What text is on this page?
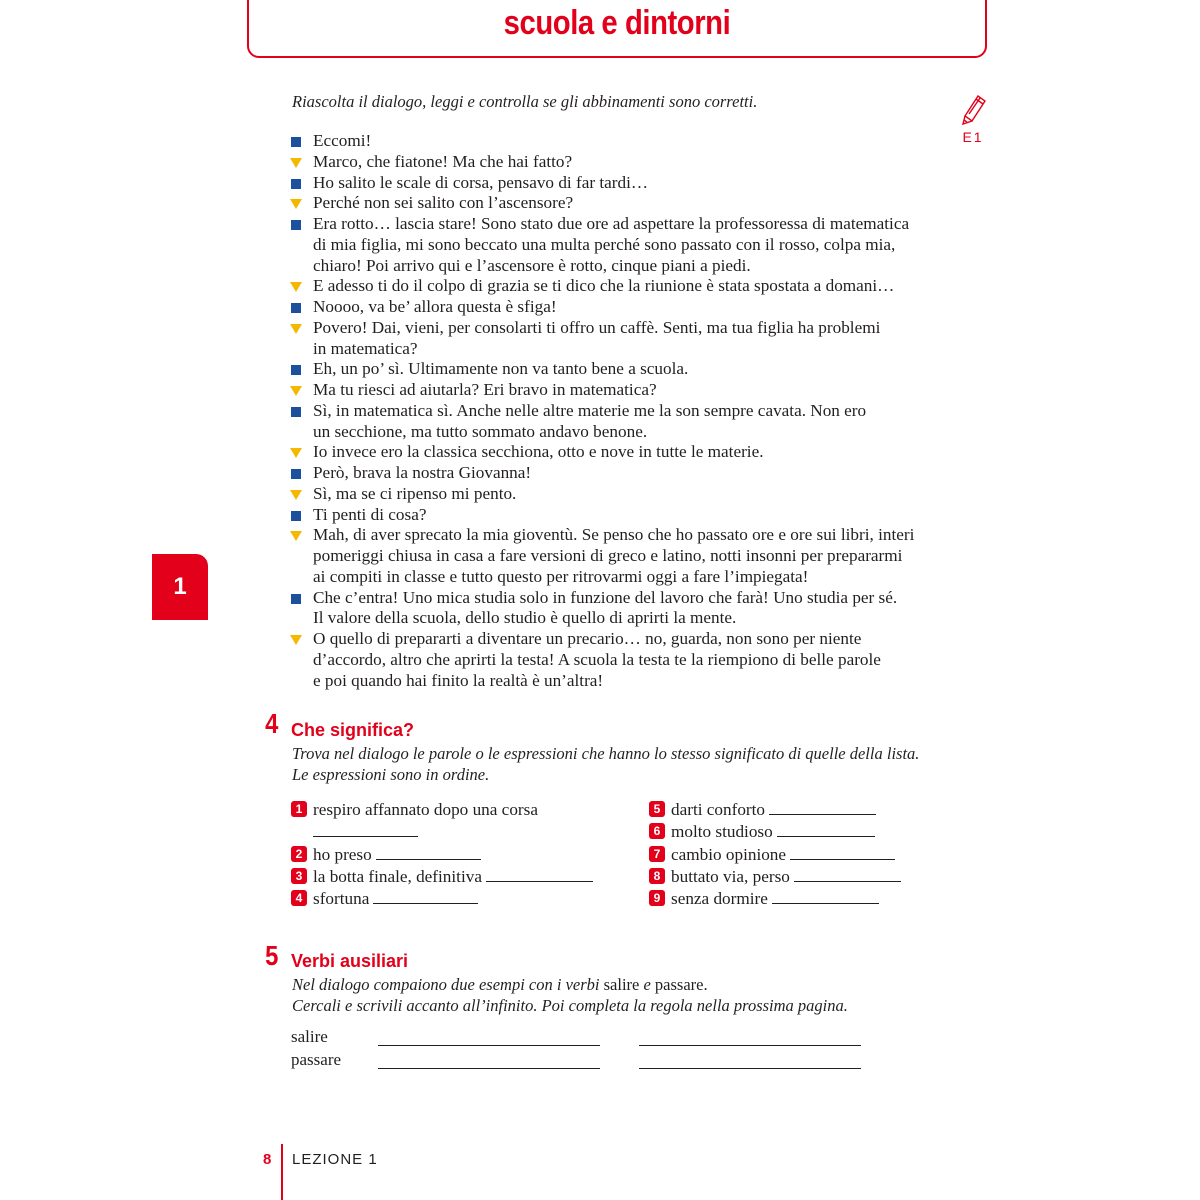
scuola e dintorni
Riascolta il dialogo, leggi e controlla se gli abbinamenti sono corretti.
E1
Eccomi!
Marco, che fiatone! Ma che hai fatto?
Ho salito le scale di corsa, pensavo di far tardi…
Perché non sei salito con l’ascensore?
Era rotto… lascia stare! Sono stato due ore ad aspettare la professoressa di matematica
di mia figlia, mi sono beccato una multa perché sono passato con il rosso, colpa mia,
chiaro! Poi arrivo qui e l’ascensore è rotto, cinque piani a piedi.
E adesso ti do il colpo di grazia se ti dico che la riunione è stata spostata a domani…
Noooo, va be’ allora questa è sfiga!
Povero! Dai, vieni, per consolarti ti offro un caffè. Senti, ma tua figlia ha problemi
in matematica?
Eh, un po’ sì. Ultimamente non va tanto bene a scuola.
Ma tu riesci ad aiutarla? Eri bravo in matematica?
Sì, in matematica sì. Anche nelle altre materie me la son sempre cavata. Non ero
un secchione, ma tutto sommato andavo benone.
Io invece ero la classica secchiona, otto e nove in tutte le materie.
Però, brava la nostra Giovanna!
Sì, ma se ci ripenso mi pento.
Ti penti di cosa?
Mah, di aver sprecato la mia gioventù. Se penso che ho passato ore e ore sui libri, interi
pomeriggi chiusa in casa a fare versioni di greco e latino, notti insonni per prepararmi
ai compiti in classe e tutto questo per ritrovarmi oggi a fare l’impiegata!
Che c’entra! Uno mica studia solo in funzione del lavoro che farà! Uno studia per sé.
Il valore della scuola, dello studio è quello di aprirti la mente.
O quello di prepararti a diventare un precario… no, guarda, non sono per niente
d’accordo, altro che aprirti la testa! A scuola la testa te la riempiono di belle parole
e poi quando hai finito la realtà è un’altra!
1
4 Che significa?
Trova nel dialogo le parole o le espressioni che hanno lo stesso significato di quelle della lista.
Le espressioni sono in ordine.
1 respiro affannato dopo una corsa

2 ho preso
3 la botta finale, definitiva
4 sfortuna
5 darti conforto
6 molto studioso
7 cambio opinione
8 buttato via, perso
9 senza dormire
5 Verbi ausiliari
Nel dialogo compaiono due esempi con i verbi salire e passare.
Cercali e scrivili accanto all’infinito. Poi completa la regola nella prossima pagina.
salire
passare
8 LEZIONE 1
